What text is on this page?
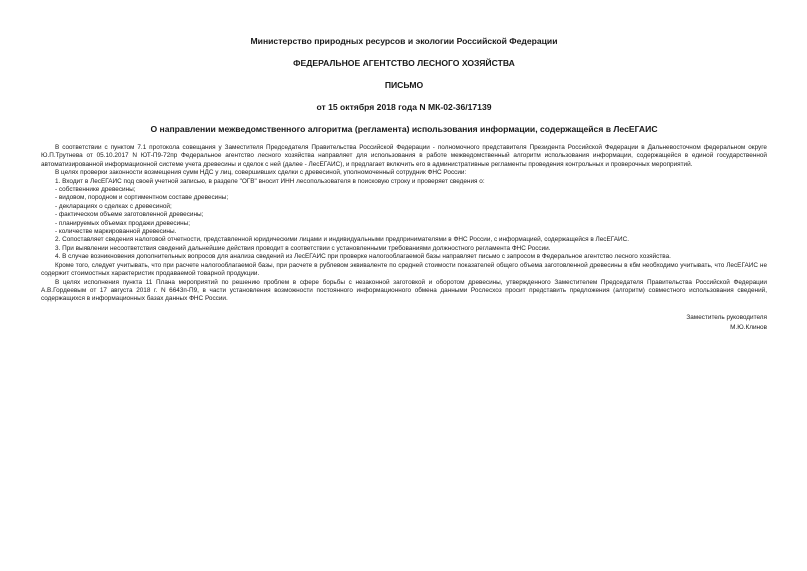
Министерство природных ресурсов и экологии Российской Федерации

ФЕДЕРАЛЬНОЕ АГЕНТСТВО ЛЕСНОГО ХОЗЯЙСТВА

ПИСЬМО

от 15 октября 2018 года N МК-02-36/17139

О направлении межведомственного алгоритма (регламента) использования информации, содержащейся в ЛесЕГАИС

В соответствии с пунктом 7.1 протокола совещания у Заместителя Председателя Правительства Российской Федерации - полномочного представителя Президента Российской Федерации в Дальневосточном федеральном округе Ю.П.Трутнева от 05.10.2017 N ЮТ-П9-72пр Федеральное агентство лесного хозяйства направляет для использования в работе межведомственный алгоритм использования информации, содержащейся в единой государственной автоматизированной информационной системе учета древесины и сделок с ней (далее - ЛесЕГАИС), и предлагает включить его в административные регламенты проведения контрольных и проверочных мероприятий.

В целях проверки законности возмещения сумм НДС у лиц, совершивших сделки с древесиной, уполномоченный сотрудник ФНС России:

1. Входит в ЛесЕГАИС под своей учетной записью, в разделе "ОГВ" вносит ИНН лесопользователя в поисковую строку и проверяет сведения о:

- собственнике древесины;

- видовом, породном и сортиментном составе древесины;

- декларациях о сделках с древесиной;

- фактическом объеме заготовленной древесины;

- планируемых объемах продажи древесины;

- количестве маркированной древесины.

2. Сопоставляет сведения налоговой отчетности, представленной юридическими лицами и индивидуальными предпринимателями в ФНС России, с информацией, содержащейся в ЛесЕГАИС.

3. При выявлении несоответствия сведений дальнейшие действия проводит в соответствии с установленными требованиями должностного регламента ФНС России.

4. В случае возникновения дополнительных вопросов для анализа сведений из ЛесЕГАИС при проверке налогооблагаемой базы направляет письмо с запросом в Федеральное агентство лесного хозяйства.

Кроме того, следует учитывать, что при расчете налогооблагаемой базы, при расчете в рублевом эквиваленте по средней стоимости показателей общего объема заготовленной древесины в кбм необходимо учитывать, что ЛесЕГАИС не содержит стоимостных характеристик продаваемой товарной продукции.

В целях исполнения пункта 11 Плана мероприятий по решению проблем в сфере борьбы с незаконной заготовкой и оборотом древесины, утвержденного Заместителем Председателя Правительства Российской Федерации А.В.Гордеевым от 17 августа 2018 г. N 6643п-П9, в части установления возможности постоянного информационного обмена данными Рослесхоз просит представить предложения (алгоритм) совместного использования сведений, содержащихся в информационных базах данных ФНС России.

Заместитель руководителя
М.Ю.Клинов
